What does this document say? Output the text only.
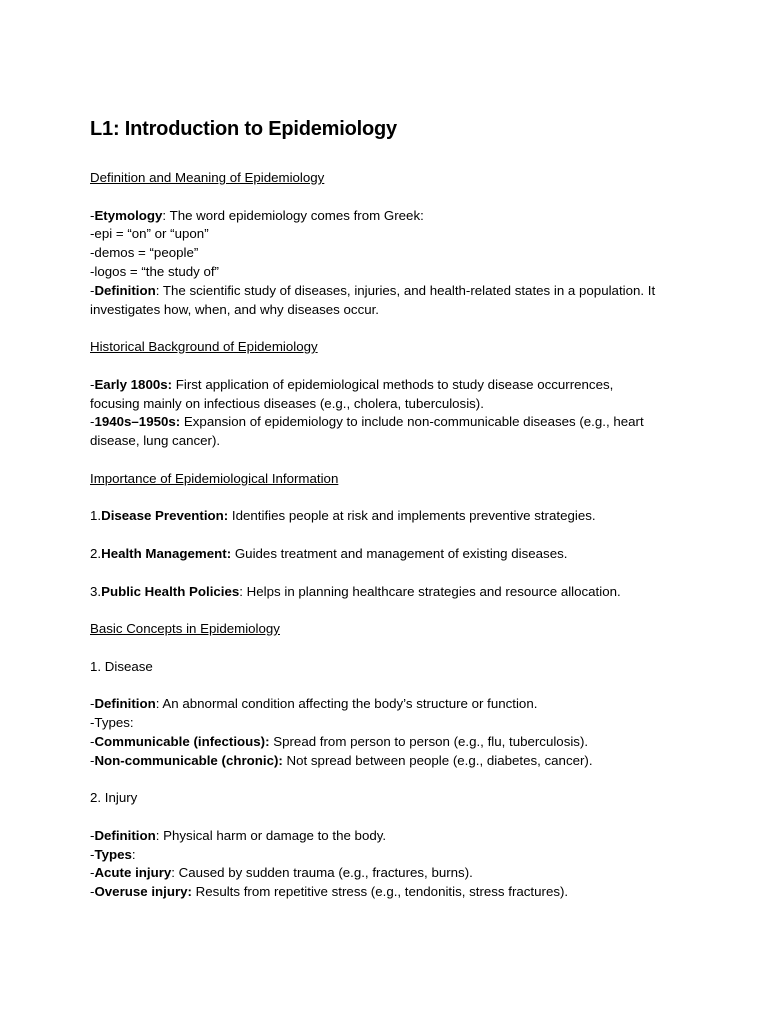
L1: Introduction to Epidemiology
Definition and Meaning of Epidemiology
-Etymology: The word epidemiology comes from Greek:
-epi = “on” or “upon”
-demos = “people”
-logos = “the study of”
-Definition: The scientific study of diseases, injuries, and health-related states in a population. It
investigates how, when, and why diseases occur.
Historical Background of Epidemiology
-Early 1800s: First application of epidemiological methods to study disease occurrences,
focusing mainly on infectious diseases (e.g., cholera, tuberculosis).
-1940s–1950s: Expansion of epidemiology to include non-communicable diseases (e.g., heart
disease, lung cancer).
Importance of Epidemiological Information
1.Disease Prevention: Identifies people at risk and implements preventive strategies.
2.Health Management: Guides treatment and management of existing diseases.
3.Public Health Policies: Helps in planning healthcare strategies and resource allocation.
Basic Concepts in Epidemiology
1. Disease
-Definition: An abnormal condition affecting the body’s structure or function.
-Types:
-Communicable (infectious): Spread from person to person (e.g., flu, tuberculosis).
-Non-communicable (chronic): Not spread between people (e.g., diabetes, cancer).
2. Injury
-Definition: Physical harm or damage to the body.
-Types:
-Acute injury: Caused by sudden trauma (e.g., fractures, burns).
-Overuse injury: Results from repetitive stress (e.g., tendonitis, stress fractures).
